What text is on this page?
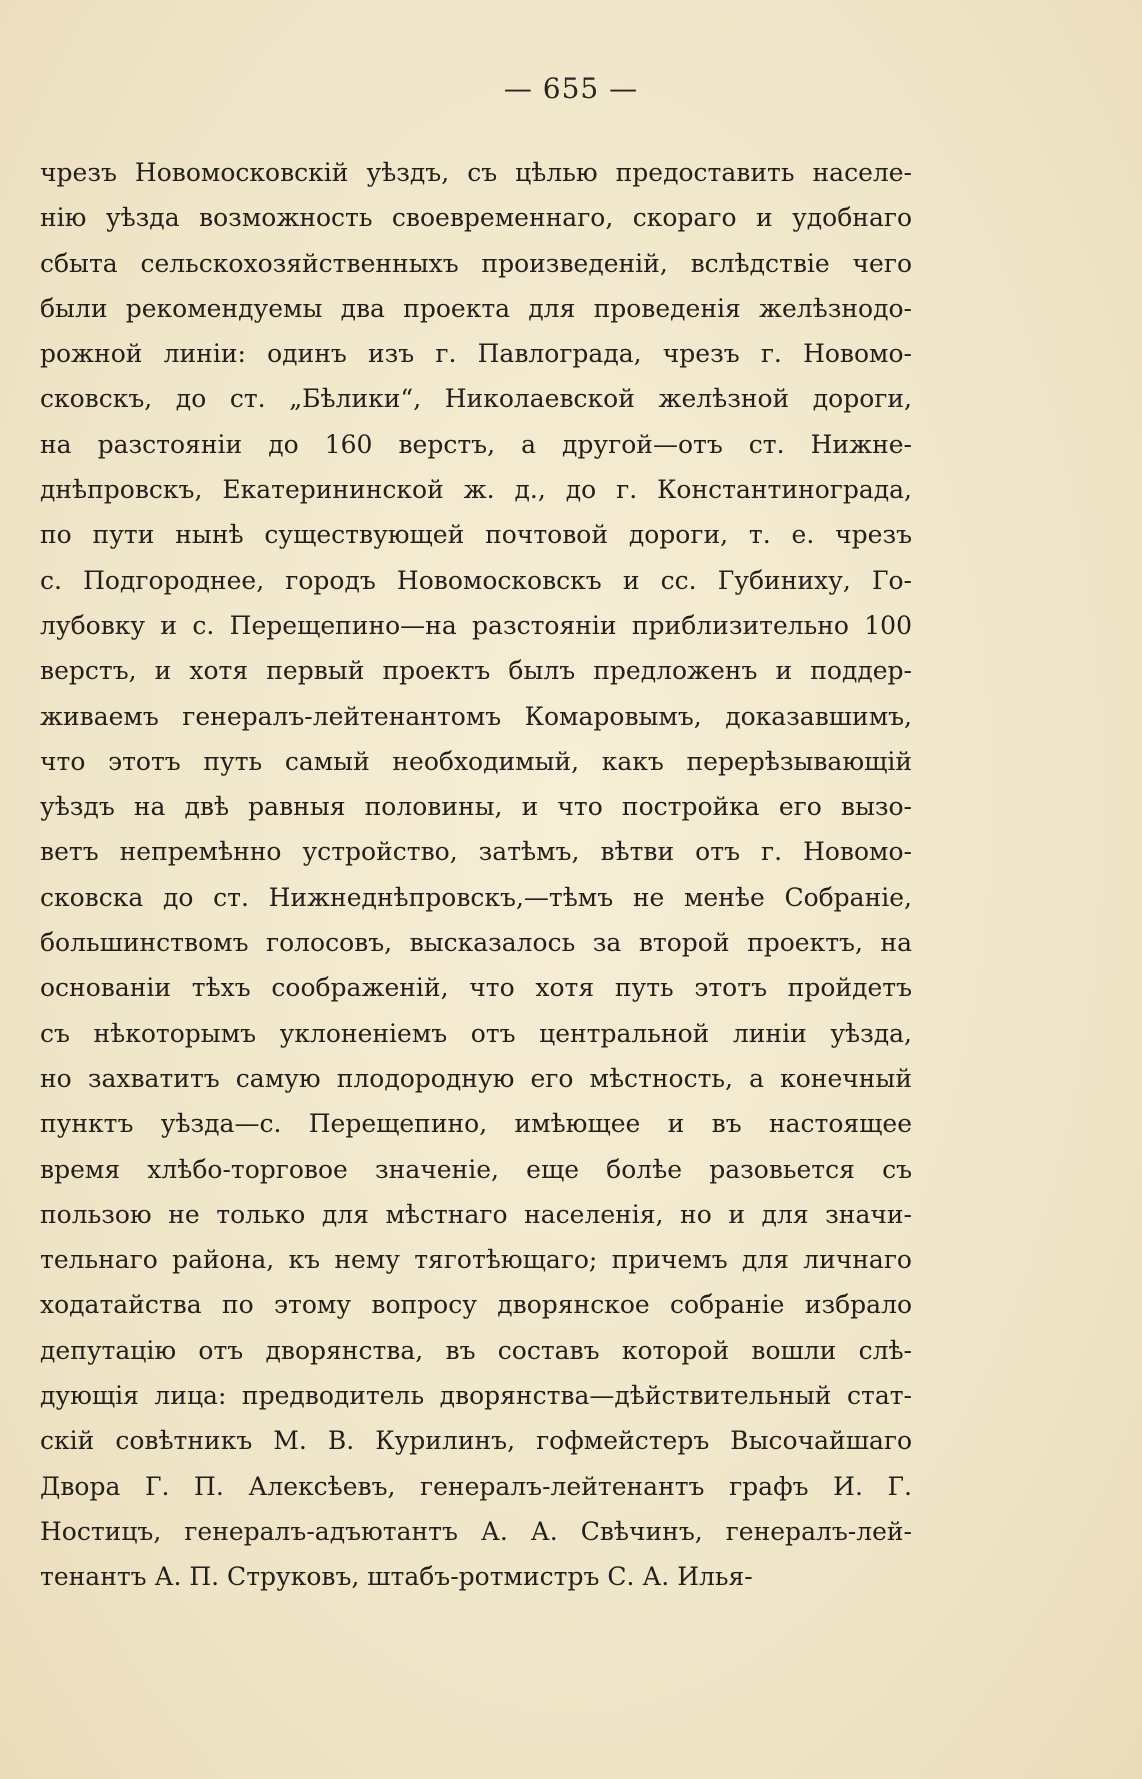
— 655 —
чрезъ Новомосковскій уѣздъ, съ цѣлью предоставить населе-
нію уѣзда возможность своевременнаго, скораго и удобнаго
сбыта сельскохозяйственныхъ произведеній, вслѣдствіе чего
были рекомендуемы два проекта для проведенія желѣзнодо-
рожной линіи: одинъ изъ г. Павлограда, чрезъ г. Новомо-
сковскъ, до ст. „Бѣлики“, Николаевской желѣзной дороги,
на разстояніи до 160 верстъ, а другой—отъ ст. Нижне-
днѣпровскъ, Екатерининской ж. д., до г. Константинограда,
по пути нынѣ существующей почтовой дороги, т. е. чрезъ
с. Подгороднее, городъ Новомосковскъ и сс. Губиниху, Го-
лубовку и с. Перещепино—на разстояніи приблизительно 100
верстъ, и хотя первый проектъ былъ предложенъ и поддер-
живаемъ генералъ-лейтенантомъ Комаровымъ, доказавшимъ,
что этотъ путь самый необходимый, какъ перерѣзывающій
уѣздъ на двѣ равныя половины, и что постройка его вызо-
ветъ непремѣнно устройство, затѣмъ, вѣтви отъ г. Новомо-
сковска до ст. Нижнеднѣпровскъ,—тѣмъ не менѣе Собраніе,
большинствомъ голосовъ, высказалось за второй проектъ, на
основаніи тѣхъ соображеній, что хотя путь этотъ пройдетъ
съ нѣкоторымъ уклоненіемъ отъ центральной линіи уѣзда,
но захватитъ самую плодородную его мѣстность, а конечный
пунктъ уѣзда—с. Перещепино, имѣющее и въ настоящее
время хлѣбо-торговое значеніе, еще болѣе разовьется съ
пользою не только для мѣстнаго населенія, но и для значи-
тельнаго района, къ нему тяготѣющаго; причемъ для личнаго
ходатайства по этому вопросу дворянское собраніе избрало
депутацію отъ дворянства, въ составъ которой вошли слѣ-
дующія лица: предводитель дворянства—дѣйствительный стат-
скій совѣтникъ М. В. Курилинъ, гофмейстеръ Высочайшаго
Двора Г. П. Алексѣевъ, генералъ-лейтенантъ графъ И. Г.
Ностицъ, генералъ-адъютантъ А. А. Свѣчинъ, генералъ-лей-
тенантъ А. П. Струковъ, штабъ-ротмистръ С. А. Илья-
